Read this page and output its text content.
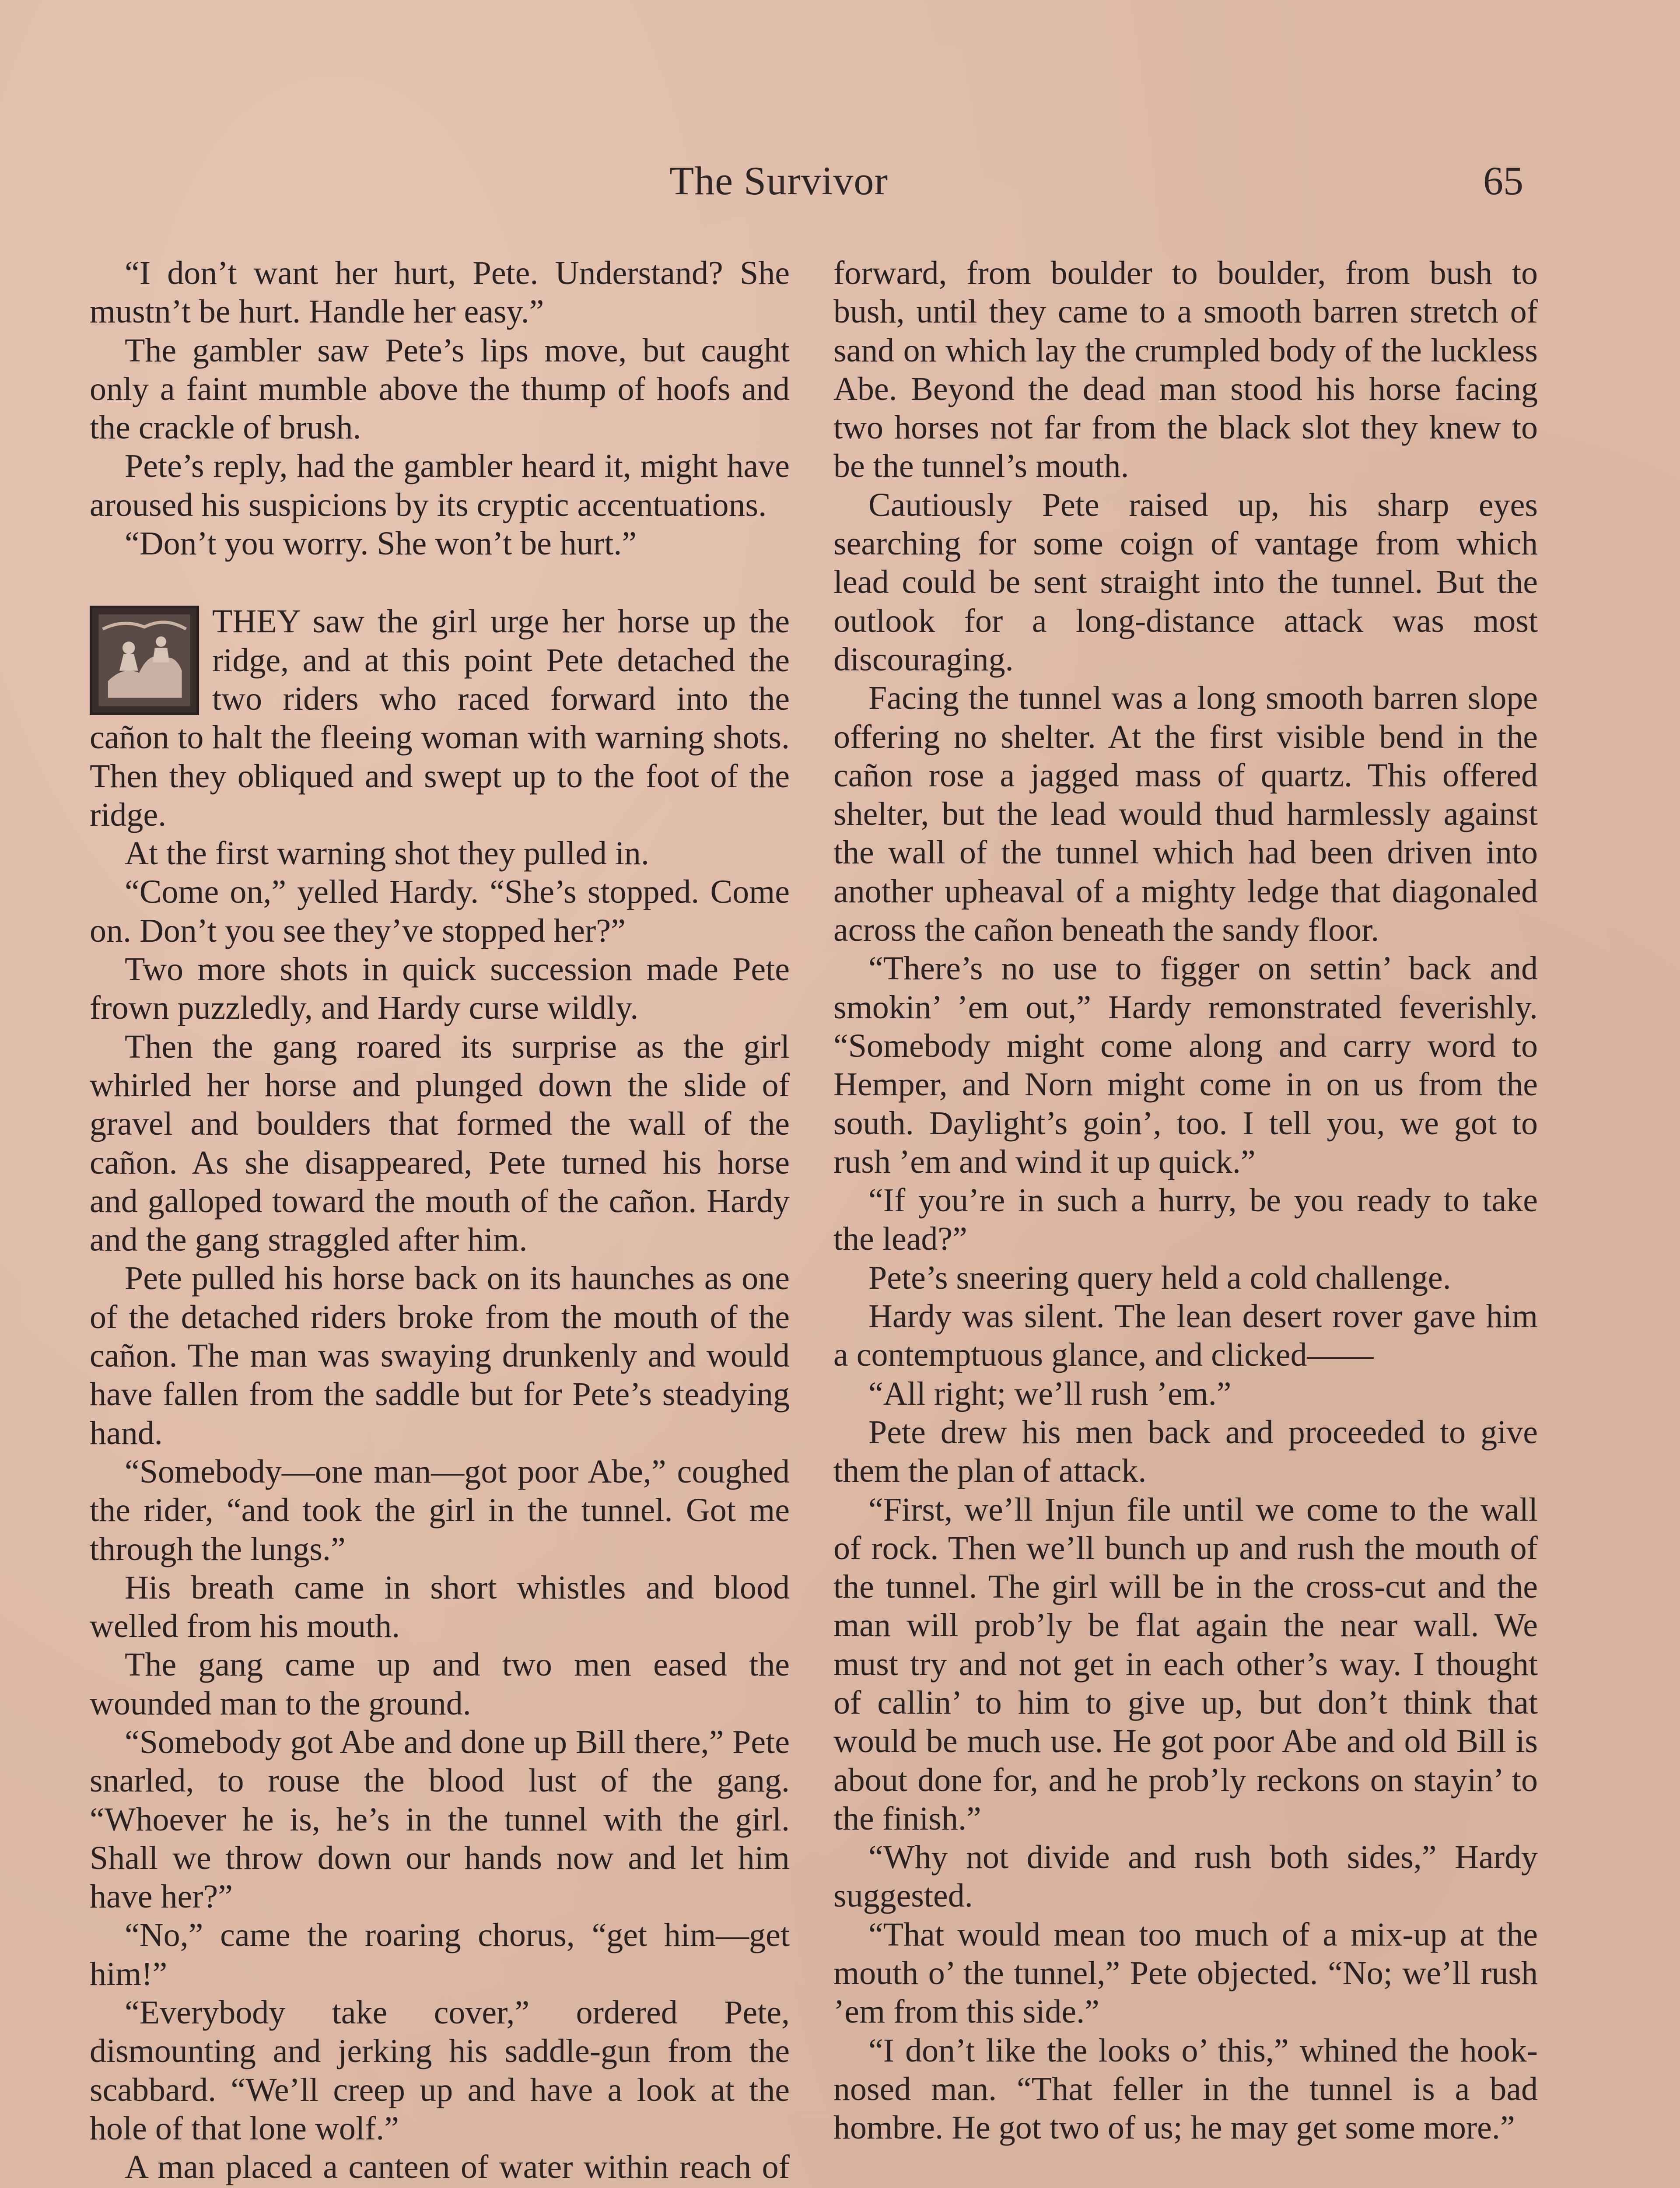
The Survivor	65

“I don’t want her hurt, Pete. Understand? She mustn’t be hurt. Handle her easy.”

The gambler saw Pete’s lips move, but caught only a faint mumble above the thump of hoofs and the crackle of brush.

Pete’s reply, had the gambler heard it, might have aroused his suspicions by its cryptic accentuations.

“Don’t you worry. She won’t be hurt.”

THEY saw the girl urge her horse up the ridge, and at this point Pete detached the two riders who raced forward into the cañon to halt the fleeing woman with warning shots. Then they obliqued and swept up to the foot of the ridge.

At the first warning shot they pulled in.

“Come on,” yelled Hardy. “She’s stopped. Come on. Don’t you see they’ve stopped her?”

Two more shots in quick succession made Pete frown puzzledly, and Hardy curse wildly.

Then the gang roared its surprise as the girl whirled her horse and plunged down the slide of gravel and boulders that formed the wall of the cañon. As she disappeared, Pete turned his horse and galloped toward the mouth of the cañon. Hardy and the gang straggled after him.

Pete pulled his horse back on its haunches as one of the detached riders broke from the mouth of the cañon. The man was swaying drunkenly and would have fallen from the saddle but for Pete’s steadying hand.

“Somebody—one man—got poor Abe,” coughed the rider, “and took the girl in the tunnel. Got me through the lungs.”

His breath came in short whistles and blood welled from his mouth.

The gang came up and two men eased the wounded man to the ground.

“Somebody got Abe and done up Bill there,” Pete snarled, to rouse the blood lust of the gang. “Whoever he is, he’s in the tunnel with the girl. Shall we throw down our hands now and let him have her?”

“No,” came the roaring chorus, “get him—get him!”

“Everybody take cover,” ordered Pete, dismounting and jerking his saddle-gun from the scabbard. “We’ll creep up and have a look at the hole of that lone wolf.”

A man placed a canteen of water within reach of

forward, from boulder to boulder, from bush to bush, until they came to a smooth barren stretch of sand on which lay the crumpled body of the luckless Abe. Beyond the dead man stood his horse facing two horses not far from the black slot they knew to be the tunnel’s mouth.

Cautiously Pete raised up, his sharp eyes searching for some coign of vantage from which lead could be sent straight into the tunnel. But the outlook for a long-distance attack was most discouraging.

Facing the tunnel was a long smooth barren slope offering no shelter. At the first visible bend in the cañon rose a jagged mass of quartz. This offered shelter, but the lead would thud harmlessly against the wall of the tunnel which had been driven into another upheaval of a mighty ledge that diagonaled across the cañon beneath the sandy floor.

“There’s no use to figger on settin’ back and smokin’ ’em out,” Hardy remonstrated feverishly. “Somebody might come along and carry word to Hemper, and Norn might come in on us from the south. Daylight’s goin’, too. I tell you, we got to rush ’em and wind it up quick.”

“If you’re in such a hurry, be you ready to take the lead?”

Pete’s sneering query held a cold challenge.

Hardy was silent. The lean desert rover gave him a contemptuous glance, and clicked——

“All right; we’ll rush ’em.”

Pete drew his men back and proceeded to give them the plan of attack.

“First, we’ll Injun file until we come to the wall of rock. Then we’ll bunch up and rush the mouth of the tunnel. The girl will be in the cross-cut and the man will prob’ly be flat again the near wall. We must try and not get in each other’s way. I thought of callin’ to him to give up, but don’t think that would be much use. He got poor Abe and old Bill is about done for, and he prob’ly reckons on stayin’ to the finish.”

“Why not divide and rush both sides,” Hardy suggested.

“That would mean too much of a mix-up at the mouth o’ the tunnel,” Pete objected. “No; we’ll rush ’em from this side.”

“I don’t like the looks o’ this,” whined the hook-nosed man. “That feller in the tunnel is a bad hombre. He got two of us; he may get some more.”
